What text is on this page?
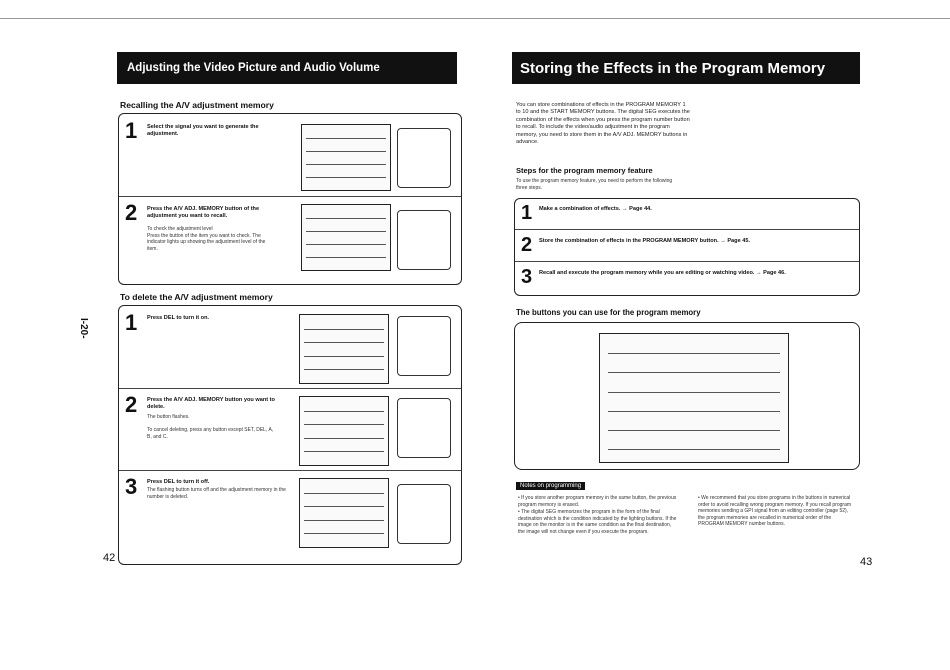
Adjusting the Video Picture and Audio Volume
Recalling the A/V adjustment memory
1 Select the signal you want to generate the adjustment.
2 Press the A/V ADJ. MEMORY button of the adjustment you want to recall.
To check the adjustment level
Press the button of the item you want to check. The indicator lights up showing the adjustment level of the item.
To delete the A/V adjustment memory
1 Press DEL to turn it on.
2 Press the A/V ADJ. MEMORY button you want to delete.
The button flashes.

To cancel deleting, press any button except SET, DEL, A, B, and C.
3 Press DEL to turn it off.
The flashing button turns off and the adjustment memory in the number is deleted.
I-20-
42
Storing the Effects in the Program Memory
You can store combinations of effects in the PROGRAM MEMORY 1 to 10 and the START MEMORY buttons. The digital SEG executes the combination of the effects when you press the program number button to recall. To include the video/audio adjustment in the program memory, you need to store them in the A/V ADJ. MEMORY buttons in advance.
Steps for the program memory feature
To use the program memory feature, you need to perform the following three steps.
1 Make a combination of effects. → Page 44.
2 Store the combination of effects in the PROGRAM MEMORY button. → Page 45.
3 Recall and execute the program memory while you are editing or watching video. → Page 46.
The buttons you can use for the program memory
Notes on programming
• If you store another program memory in the same button, the previous program memory is erased.
• The digital SEG memorizes the program in the form of the final destination which is the condition indicated by the lighting buttons. If the image on the monitor is in the same condition as the final destination, the image will not change even if you execute the program.
• We recommend that you store programs in the buttons in numerical order to avoid recalling wrong program memory. If you recall program memories sending a GPI signal from an editing controller (page 52), the program memories are recalled in numerical order of the PROGRAM MEMORY number buttons.
43
